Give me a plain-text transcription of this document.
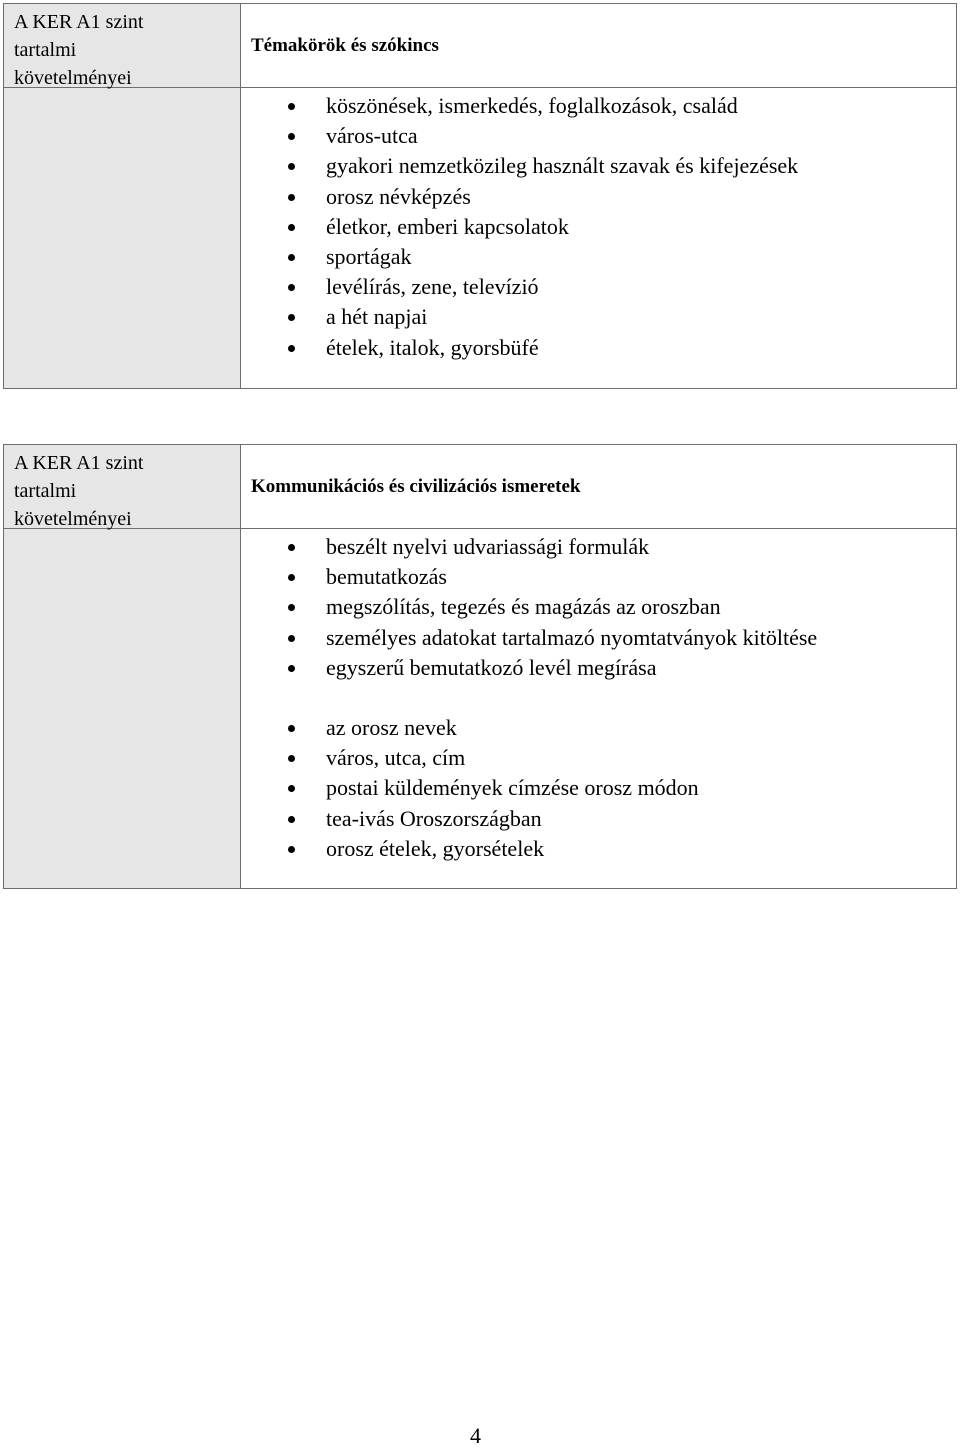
A KER A1 szint
tartalmi
követelményei
Témakörök és szókincs
köszönések, ismerkedés, foglalkozások, család
város-utca
gyakori nemzetközileg használt szavak és kifejezések
orosz névképzés
életkor, emberi kapcsolatok
sportágak
levélírás, zene, televízió
a hét napjai
ételek, italok, gyorsbüfé
A KER A1 szint
tartalmi
követelményei
Kommunikációs és civilizációs ismeretek
beszélt nyelvi udvariassági formulák
bemutatkozás
megszólítás, tegezés és magázás az oroszban
személyes adatokat tartalmazó nyomtatványok kitöltése
egyszerű bemutatkozó levél megírása
az orosz nevek
város, utca, cím
postai küldemények címzése orosz módon
tea-ivás Oroszországban
orosz ételek, gyorsételek
4
